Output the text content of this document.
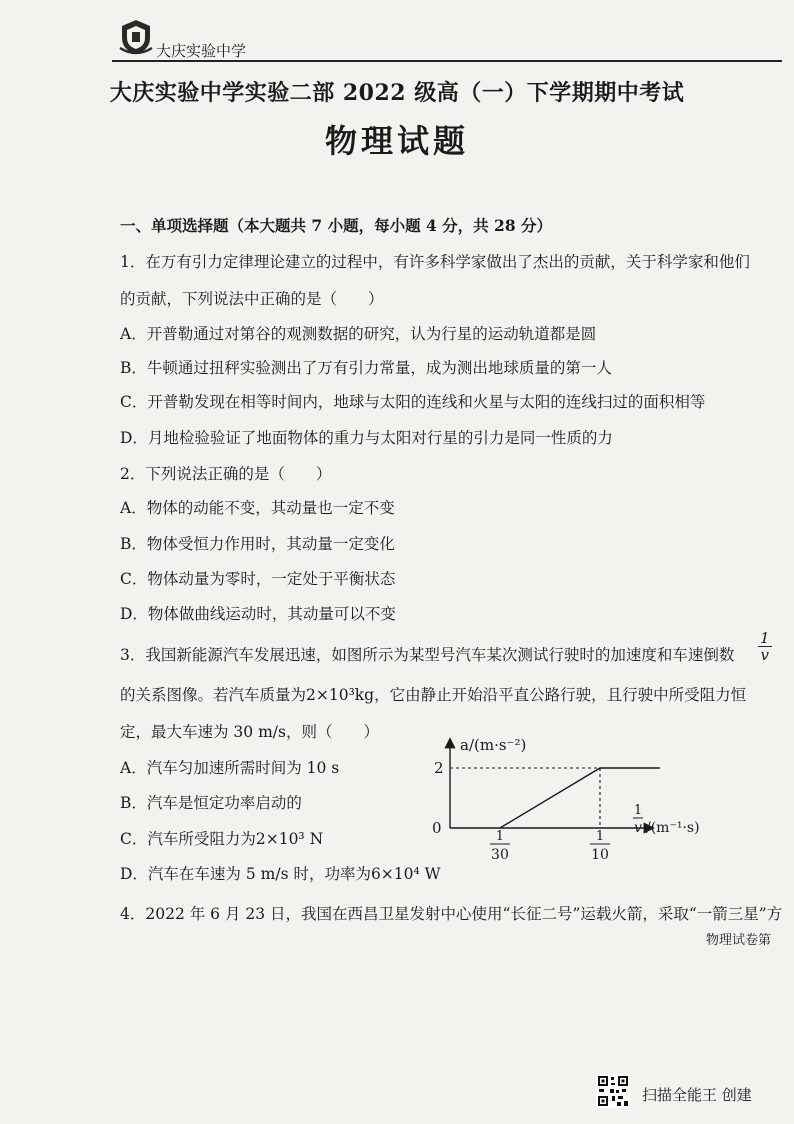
大庆实验中学
大庆实验中学实验二部 2022 级高（一）下学期期中考试
物理试题
一、单项选择题（本大题共 7 小题，每小题 4 分，共 28 分）
1．在万有引力定律理论建立的过程中，有许多科学家做出了杰出的贡献，关于科学家和他们
的贡献，下列说法中正确的是（　　）
A．开普勒通过对第谷的观测数据的研究，认为行星的运动轨道都是圆
B．牛顿通过扭秤实验测出了万有引力常量，成为测出地球质量的第一人
C．开普勒发现在相等时间内，地球与太阳的连线和火星与太阳的连线扫过的面积相等
D．月地检验验证了地面物体的重力与太阳对行星的引力是同一性质的力
2．下列说法正确的是（　　）
A．物体的动能不变，其动量也一定不变
B．物体受恒力作用时，其动量一定变化
C．物体动量为零时，一定处于平衡状态
D．物体做曲线运动时，其动量可以不变
3．我国新能源汽车发展迅速，如图所示为某型号汽车某次测试行驶时的加速度和车速倒数 $\frac{1}{v}$
的关系图像。若汽车质量为2×10³kg，它由静止开始沿平直公路行驶，且行驶中所受阻力恒
定，最大车速为 30 m/s，则（　　）
A．汽车匀加速所需时间为 10 s
B．汽车是恒定功率启动的
C．汽车所受阻力为2×10³ N
D．汽车在车速为 5 m/s 时，功率为6×10⁴ W
a/(m·s⁻²)
0
2
1
30
1
10
1
v /(m⁻¹·s)
4．2022 年 6 月 23 日，我国在西昌卫星发射中心使用“长征二号”运载火箭，采取“一箭三星”方
物理试卷第
扫描全能王 创建
